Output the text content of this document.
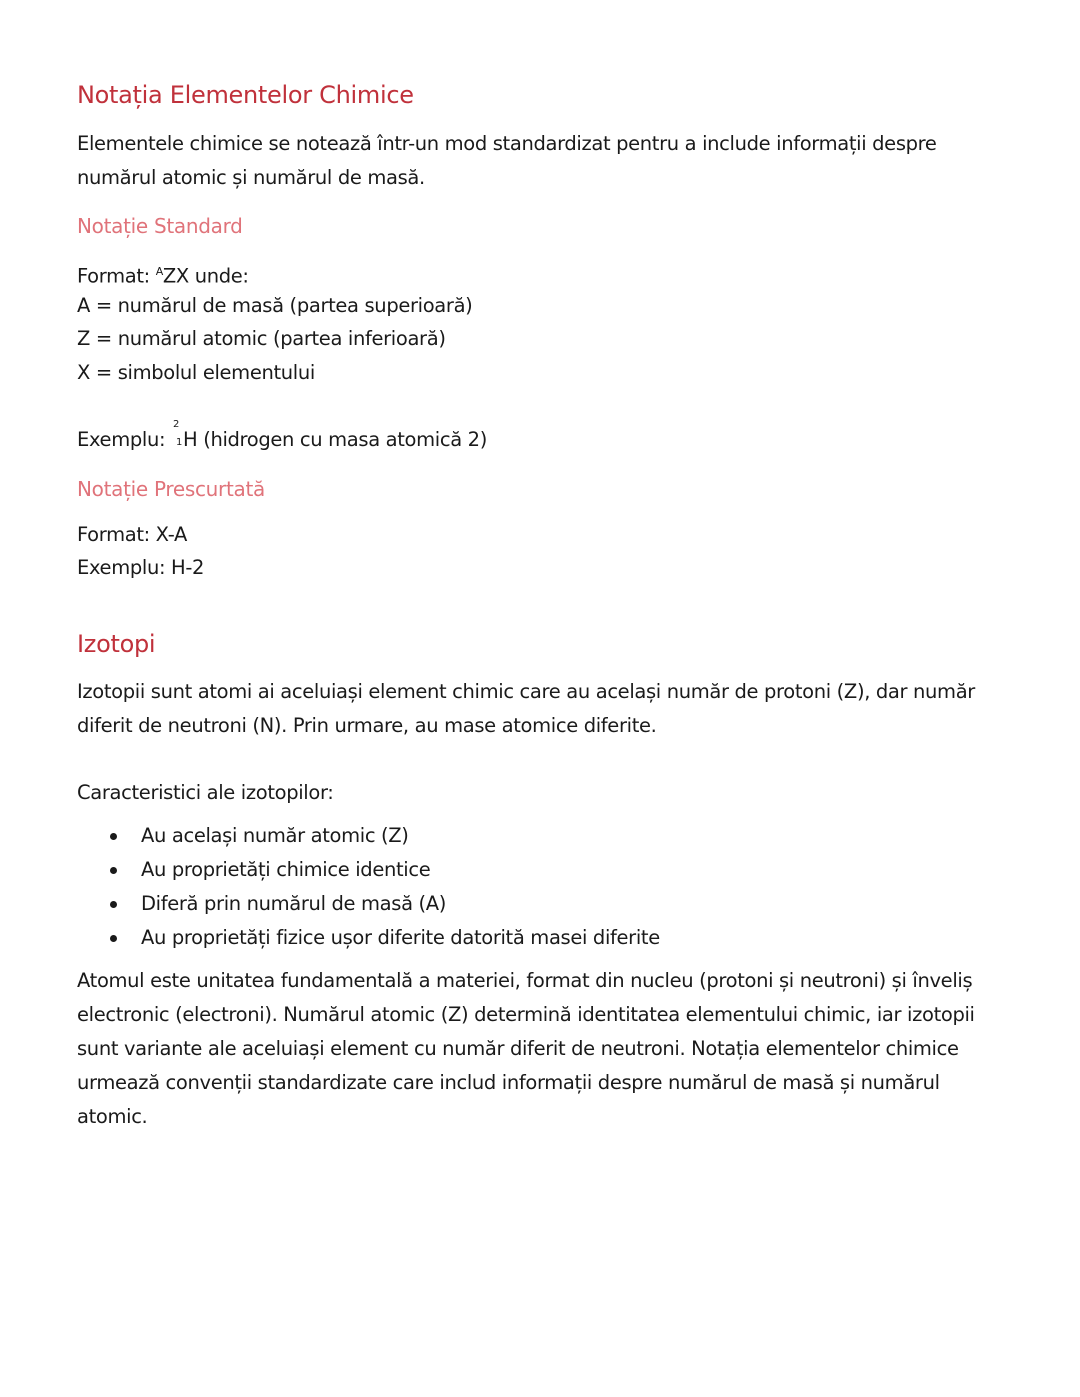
Notația Elementelor Chimice
Elementele chimice se notează într-un mod standardizat pentru a include informații despre numărul atomic și numărul de masă.
Notație Standard
Format: $^A$ZX unde:
A = numărul de masă (partea superioară)
Z = numărul atomic (partea inferioară)
X = simbolul elementului
Exemplu:
2
1 H (hidrogen cu masa atomică 2)
Notație Prescurtată
Format: X-A
Exemplu: H-2
Izotopi
Izotopii sunt atomi ai aceluiași element chimic care au același număr de protoni (Z), dar număr diferit de neutroni (N). Prin urmare, au mase atomice diferite.
Caracteristici ale izotopilor:
Au același număr atomic (Z)
Au proprietăți chimice identice
Diferă prin numărul de masă (A)
Au proprietăți fizice ușor diferite datorită masei diferite
Atomul este unitatea fundamentală a materiei, format din nucleu (protoni și neutroni) și înveliș electronic (electroni). Numărul atomic (Z) determină identitatea elementului chimic, iar izotopii sunt variante ale aceluiași element cu număr diferit de neutroni. Notația elementelor chimice urmează convenții standardizate care includ informații despre numărul de masă și numărul atomic.
